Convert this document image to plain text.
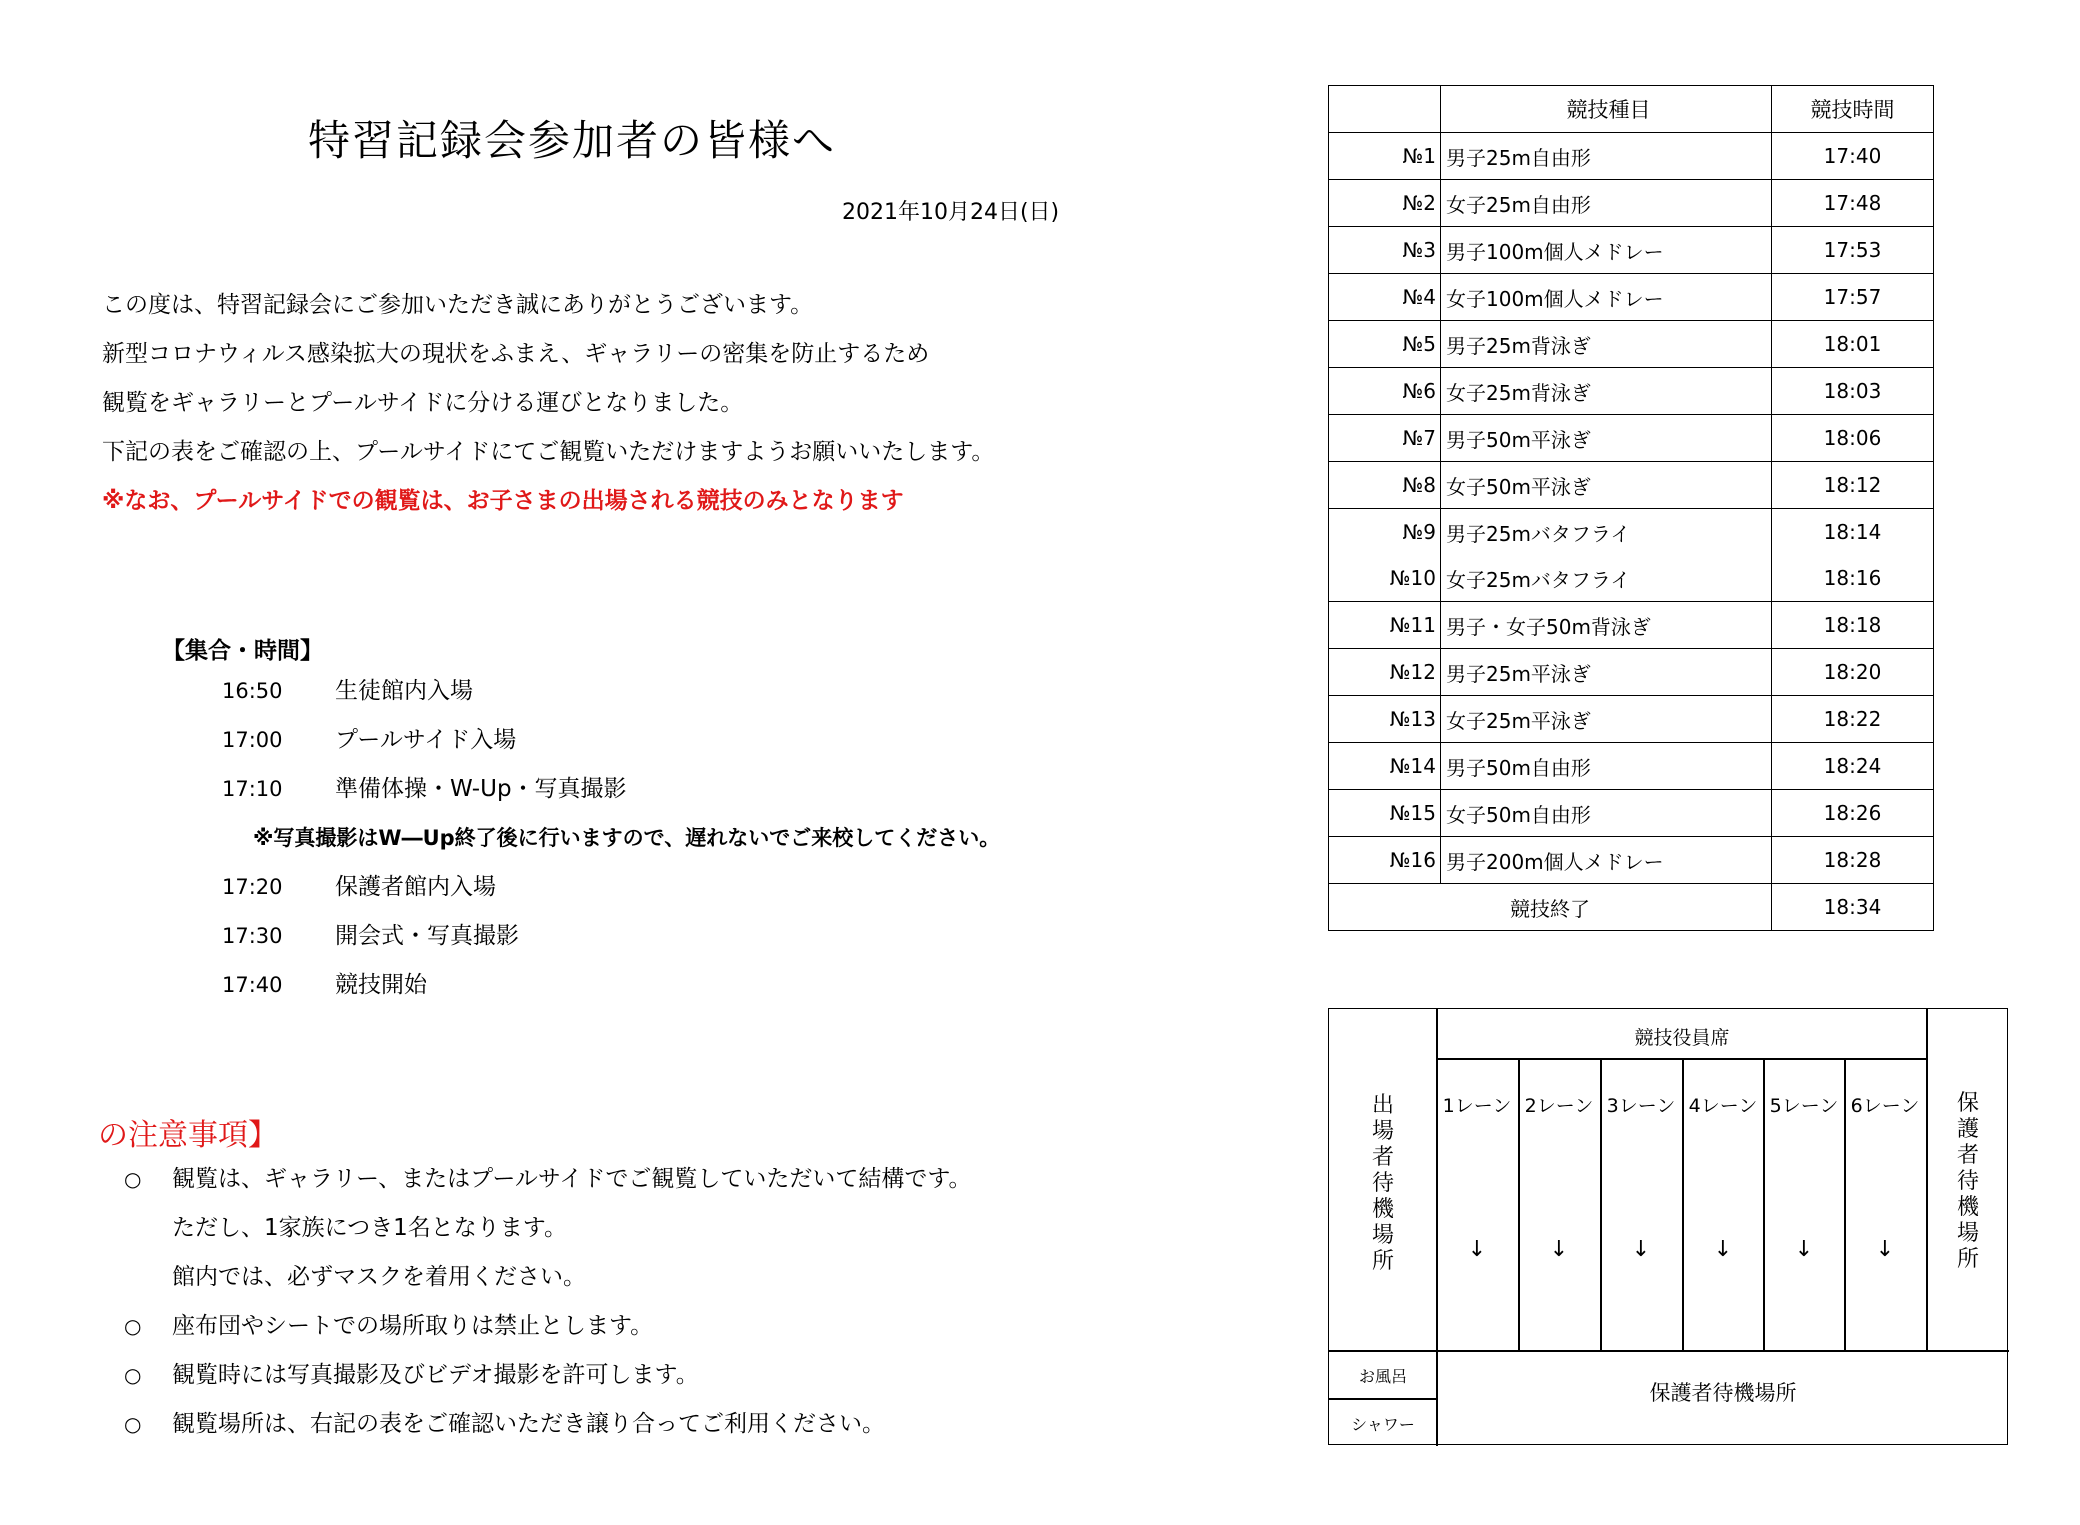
特習記録会参加者の皆様へ
2021年10月24日(日)
この度は、特習記録会にご参加いただき誠にありがとうございます。
新型コロナウィルス感染拡大の現状をふまえ、ギャラリーの密集を防止するため
観覧をギャラリーとプールサイドに分ける運びとなりました。
下記の表をご確認の上、プールサイドにてご観覧いただけますようお願いいたします。
※なお、プールサイドでの観覧は、お子さまの出場される競技のみとなります
【集合・時間】
16:50 生徒館内入場
17:00 プールサイド入場
17:10 準備体操・W-Up・写真撮影
※写真撮影はW―Up終了後に行いますので、遅れないでご来校してください。
17:20 保護者館内入場
17:30 開会式・写真撮影
17:40 競技開始
の注意事項】
○ 観覧は、ギャラリー、またはプールサイドでご観覧していただいて結構です。
ただし、1家族につき1名となります。
館内では、必ずマスクを着用ください。
○ 座布団やシートでの場所取りは禁止とします。
○ 観覧時には写真撮影及びビデオ撮影を許可します。
○ 観覧場所は、右記の表をご確認いただき譲り合ってご利用ください。
	競技種目	競技時間
№1	男子25m自由形	17:40
№2	女子25m自由形	17:48
№3	男子100m個人メドレー	17:53
№4	女子100m個人メドレー	17:57
№5	男子25m背泳ぎ	18:01
№6	女子25m背泳ぎ	18:03
№7	男子50m平泳ぎ	18:06
№8	女子50m平泳ぎ	18:12
№9	男子25mバタフライ	18:14
№10	女子25mバタフライ	18:16
№11	男子・女子50m背泳ぎ	18:18
№12	男子25m平泳ぎ	18:20
№13	女子25m平泳ぎ	18:22
№14	男子50m自由形	18:24
№15	女子50m自由形	18:26
№16	男子200m個人メドレー	18:28
競技終了		18:34
出場者待機場所
競技役員席
1レーン 2レーン 3レーン 4レーン 5レーン 6レーン
↓	↓	↓	↓	↓	↓
保護者待機場所
お風呂
シャワー
保護者待機場所
